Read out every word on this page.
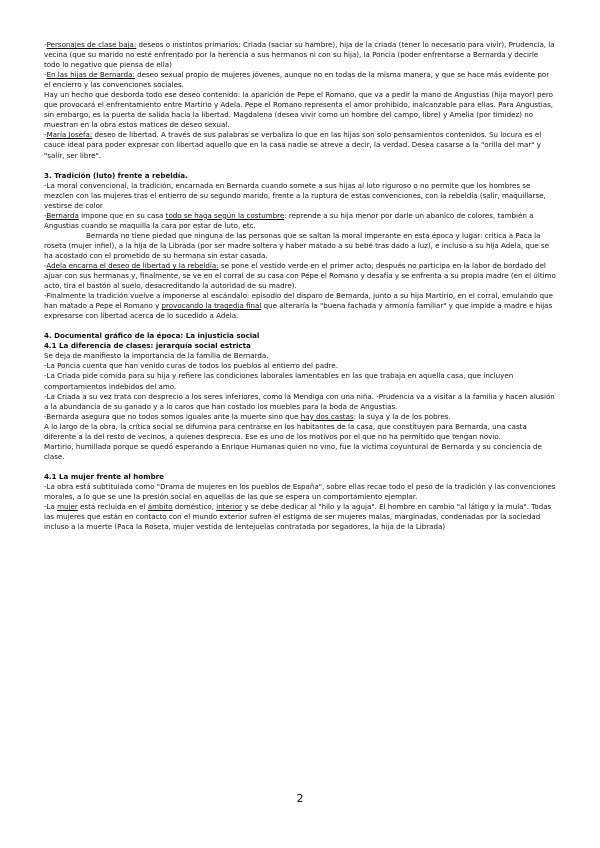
-Personajes de clase baja: deseos o instintos primarios: Criada (saciar su hambre), hija de la criada (tener lo necesario para vivir), Prudencia, la vecina (que su marido no esté enfrentado por la herencia a sus hermanos ni con su hija), la Poncia (poder enfrentarse a Bernarda y decirle todo lo negativo que piensa de ella)

-En las hijas de Bernarda: deseo sexual propio de mujeres jóvenes, aunque no en todas de la misma manera, y que se hace más evidente por el encierro y las convenciones sociales.

Hay un hecho que desborda todo ese deseo contenido: la aparición de Pepe el Romano, que va a pedir la mano de Angustias (hija mayor) pero que provocará el enfrentamiento entre Martirio y Adela. Pepe el Romano representa el amor prohibido, inalcanzable para ellas. Para Angustias, sin embargo, es la puerta de salida hacia la libertad. Magdalena (desea vivir como un hombre del campo, libre) y Amelia (por timidez) no muestran en la obra estos matices de deseo sexual.

-María Josefa: deseo de libertad. A través de sus palabras se verbaliza lo que en las hijas son solo pensamientos contenidos. Su locura es el cauce ideal para poder expresar con libertad aquello que en la casa nadie se atreve a decir, la verdad. Desea casarse a la "orilla del mar" y "salir, ser libre".

3. Tradición (luto) frente a rebeldía.

-La moral convencional, la tradición, encarnada en Bernarda cuando somete a sus hijas al luto riguroso o no permite que los hombres se mezclen con las mujeres tras el entierro de su segundo marido, frente a la ruptura de estas convenciones, con la rebeldía (salir, maquillarse, vestirse de color

-Bernarda impone que en su casa todo se haga según la costumbre: reprende a su hija menor por darle un abanico de colores, también a Angustias cuando se maquilla la cara por estar de luto, etc.

Bernarda no tiene piedad que ninguna de las personas que se saltan la moral imperante en esta época y lugar: critica a Paca la roseta (mujer infiel), a la hija de la Librada (por ser madre soltera y haber matado a su bebé tras dado a luz), e incluso a su hija Adela, que se ha acostado con el prometido de su hermana sin estar casada.

-Adela encarna el deseo de libertad y la rebeldía: se pone el vestido verde en el primer acto; después no participa en la labor de bordado del ajuar con sus hermanas y, finalmente, se ve en el corral de su casa con Pepe el Romano y desafía y se enfrenta a su propia madre (en el último acto, tira el bastón al suelo, desacreditando la autoridad de su madre).

-Finalmente la tradición vuelve a imponerse al escándalo: episodio del disparo de Bernarda, junto a su hija Martirio, en el corral, emulando que han matado a Pepe el Romano y provocando la tragedia final que alteraría la "buena fachada y armonía familiar" y que impide a madre e hijas expresarse con libertad acerca de lo sucedido a Adela.

4. Documental gráfico de la época: La injusticia social

4.1 La diferencia de clases: jerarquía social estricta

Se deja de manifiesto la importancia de la familia de Bernarda.

-La Poncia cuenta que han venido curas de todos los pueblos al entierro del padre.

-La Criada pide comida para su hija y refiere las condiciones laborales lamentables en las que trabaja en aquella casa, que incluyen comportamientos indebidos del amo.

-La Criada a su vez trata con desprecio a los seres inferiores, como la Mendiga con una niña. -Prudencia va a visitar a la familia y hacen alusión a la abundancia de su ganado y a lo caros que han costado los muebles para la boda de Angustias.

-Bernarda asegura que no todos somos iguales ante la muerte sino que hay dos castas: la suya y la de los pobres.

A lo largo de la obra, la crítica social se difumina para centrarse en los habitantes de la casa, que constituyen para Bernarda, una casta diferente a la del resto de vecinos, a quienes desprecia. Ese es uno de los motivos por el que no ha permitido que tengan novio.

Martirio, humillada porque se quedó esperando a Enrique Humanas quien no vino, fue la víctima coyuntural de Bernarda y su conciencia de clase.

4.1 La mujer frente al hombre

-La obra está subtitulada como "Drama de mujeres en los pueblos de España", sobre ellas recae todo el peso de la tradición y las convenciones morales, a lo que se une la presión social en aquellas de las que se espera un comportamiento ejemplar.

-La mujer está recluida en el ámbito doméstico, interior y se debe dedicar al "hilo y la aguja". El hombre en cambio "al látigo y la mula". Todas las mujeres que están en contacto con el mundo exterior sufren el estigma de ser mujeres malas, marginadas, condenadas por la sociedad incluso a la muerte (Paca la Roseta, mujer vestida de lentejuelas contratada por segadores, la hija de la Librada)

2
